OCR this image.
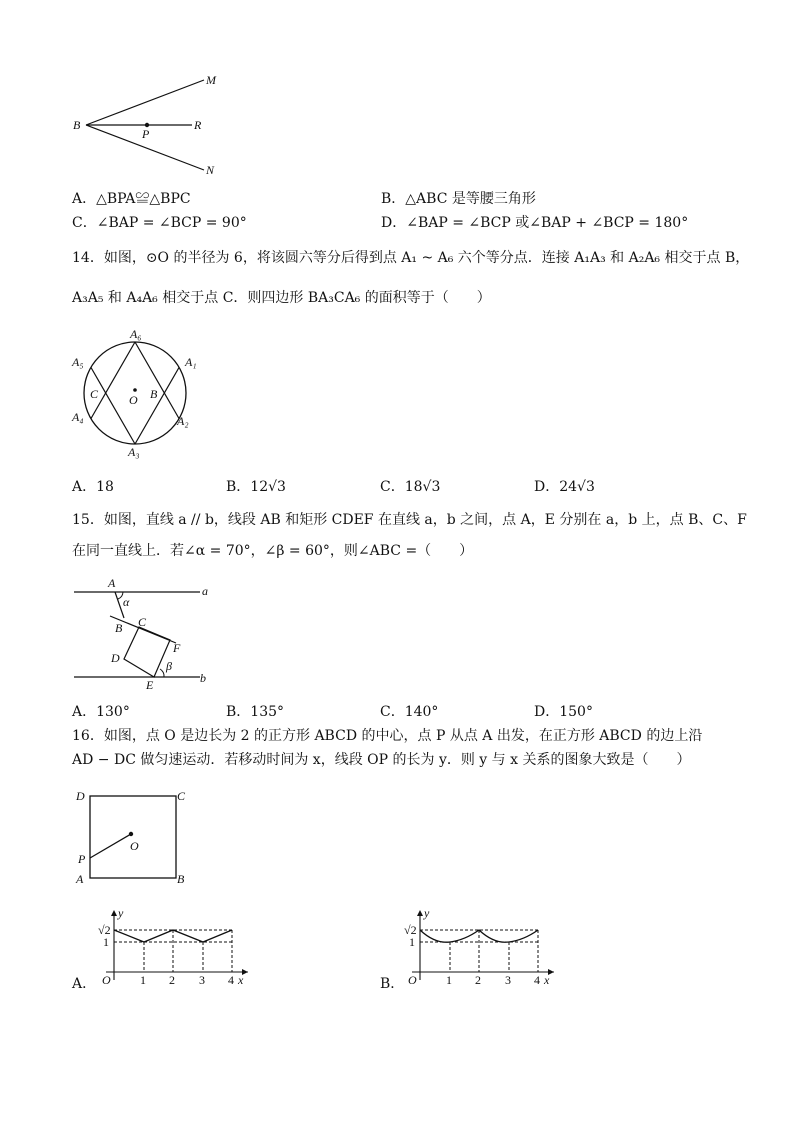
M
B
P
R
N
A．△BPA≌△BPC	B．△ABC 是等腰三角形
C．∠BAP = ∠BCP = 90°	D．∠BAP = ∠BCP 或∠BAP + ∠BCP = 180°
14．如图，⊙O 的半径为 6，将该圆六等分后得到点 A₁ ~ A₆ 六个等分点．连接 A₁A₃ 和 A₂A₆ 相交于点 B，
A₃A₅ 和 A₄A₆ 相交于点 C．则四边形 BA₃CA₆ 的面积等于（　　）
A₆
A₁
A₂
A₃
A₄
A₅
B
C	O
A．18	B．12√3	C．18√3	D．24√3
15．如图，直线 a // b，线段 AB 和矩形 CDEF 在直线 a，b 之间，点 A，E 分别在 a，b 上，点 B、C、F
在同一直线上．若∠α = 70°，∠β = 60°，则∠ABC =（　　）
A
α
a
B C
F
D
β
E	b
A．130°	B．135°	C．140°	D．150°
16．如图，点 O 是边长为 2 的正方形 ABCD 的中心，点 P 从点 A 出发，在正方形 ABCD 的边上沿
AD − DC 做匀速运动．若移动时间为 x，线段 OP 的长为 y．则 y 与 x 关系的图象大致是（　　）
D	C
O
P
A	B
y
√2
1
O 1 2 3 4 x
A．
y
√2
1
O 1 2 3 4 x
B．
